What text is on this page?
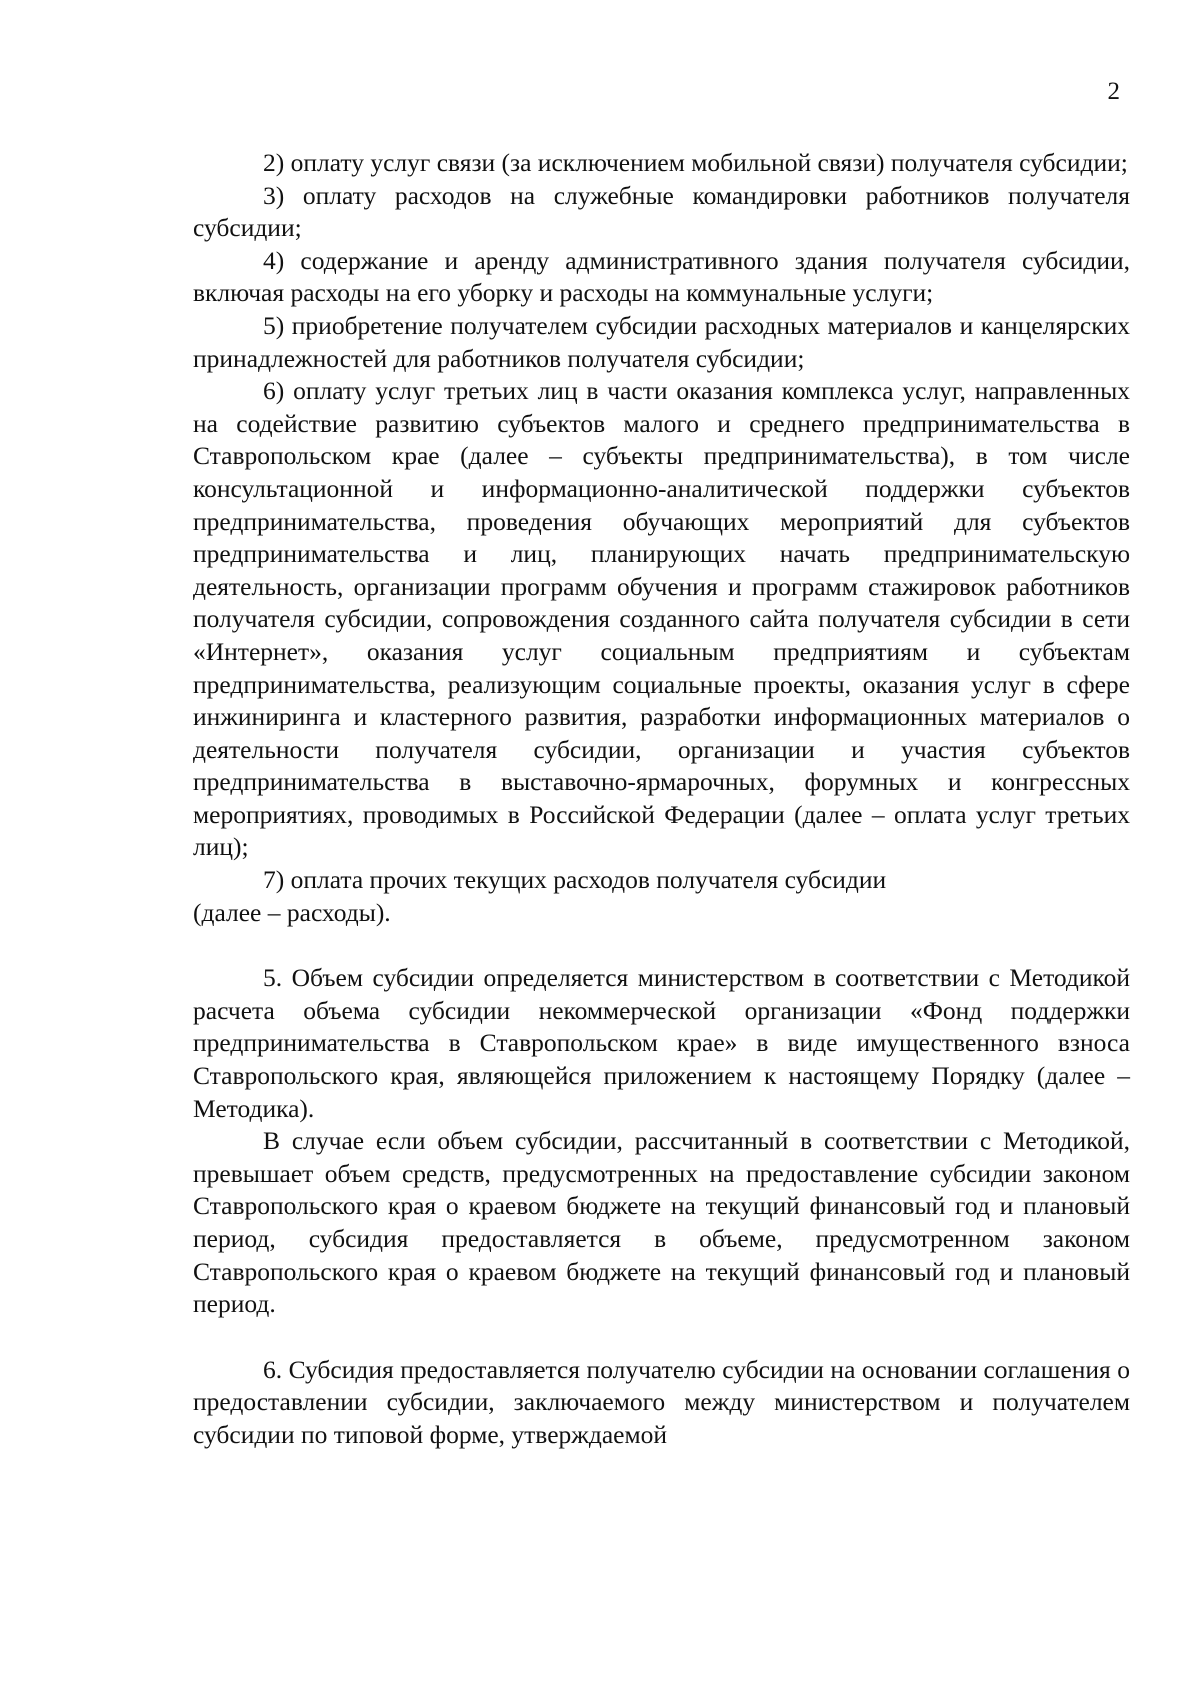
2

2) оплату услуг связи (за исключением мобильной связи) получателя субсидии;

3) оплату расходов на служебные командировки работников получателя субсидии;

4) содержание и аренду административного здания получателя субсидии, включая расходы на его уборку и расходы на коммунальные услуги;

5) приобретение получателем субсидии расходных материалов и канцелярских принадлежностей для работников получателя субсидии;

6) оплату услуг третьих лиц в части оказания комплекса услуг, направленных на содействие развитию субъектов малого и среднего предпринимательства в Ставропольском крае (далее – субъекты предпринимательства), в том числе консультационной и информационно-аналитической поддержки субъектов предпринимательства, проведения обучающих мероприятий для субъектов предпринимательства и лиц, планирующих начать предпринимательскую деятельность, организации программ обучения и программ стажировок работников получателя субсидии, сопровождения созданного сайта получателя субсидии в сети «Интернет», оказания услуг социальным предприятиям и субъектам предпринимательства, реализующим социальные проекты, оказания услуг в сфере инжиниринга и кластерного развития, разработки информационных материалов о деятельности получателя субсидии, организации и участия субъектов предпринимательства в выставочно-ярмарочных, форумных и конгрессных мероприятиях, проводимых в Российской Федерации (далее – оплата услуг третьих лиц);

7) оплата прочих текущих расходов получателя субсидии

(далее – расходы).

5. Объем субсидии определяется министерством в соответствии с Методикой расчета объема субсидии некоммерческой организации «Фонд поддержки предпринимательства в Ставропольском крае» в виде имущественного взноса Ставропольского края, являющейся приложением к настоящему Порядку (далее – Методика).

В случае если объем субсидии, рассчитанный в соответствии с Методикой, превышает объем средств, предусмотренных на предоставление субсидии законом Ставропольского края о краевом бюджете на текущий финансовый год и плановый период, субсидия предоставляется в объеме, предусмотренном законом Ставропольского края о краевом бюджете на текущий финансовый год и плановый период.

6. Субсидия предоставляется получателю субсидии на основании соглашения о предоставлении субсидии, заключаемого между министерством и получателем субсидии по типовой форме, утверждаемой
